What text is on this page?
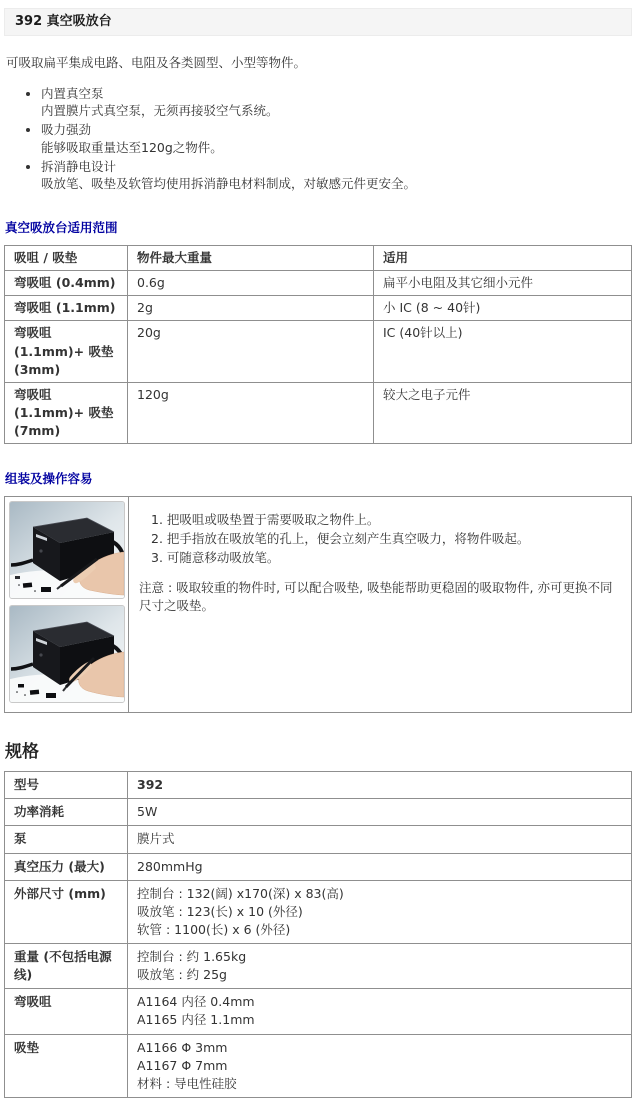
392 真空吸放台

可吸取扁平集成电路、电阻及各类圆型、小型等物件。

• 内置真空泵
内置膜片式真空泵，无须再接驳空气系统。
• 吸力强劲
能够吸取重量达至120g之物件。
• 拆消静电设计
吸放笔、吸垫及软管均使用拆消静电材料制成，对敏感元件更安全。
真空吸放台适用范围
吸咀 / 吸垫	物件最大重量	适用
弯吸咀 (0.4mm)	0.6g	扁平小电阻及其它细小元件
弯吸咀 (1.1mm)	2g	小 IC (8 ~ 40针)
弯吸咀 (1.1mm)+ 吸垫 (3mm)	20g	IC (40针以上)
弯吸咀 (1.1mm)+ 吸垫 (7mm)	120g	较大之电子元件
组装及操作容易

1. 把吸咀或吸垫置于需要吸取之物件上。
2. 把手指放在吸放笔的孔上，便会立刻产生真空吸力，将物件吸起。
3. 可随意移动吸放笔。
注意 : 吸取较重的物件时, 可以配合吸垫, 吸垫能帮助更稳固的吸取物件, 亦可更换不同尺寸之吸垫。
规格
型号	392

功率消耗	5W

泵	膜片式

真空压力 (最大)	280mmHg

外部尺寸 (mm)	控制台 : 132(阔) x170(深) x 83(高)
吸放笔 : 123(长) x 10 (外径)
软管 : 1100(长) x 6 (外径)

重量 (不包括电源线)	控制台 : 约 1.65kg
吸放笔 : 约 25g

弯吸咀	A1164 内径 0.4mm
A1165 内径 1.1mm

吸垫	A1166 Φ 3mm
A1167 Φ 7mm
材料 : 导电性硅胶
